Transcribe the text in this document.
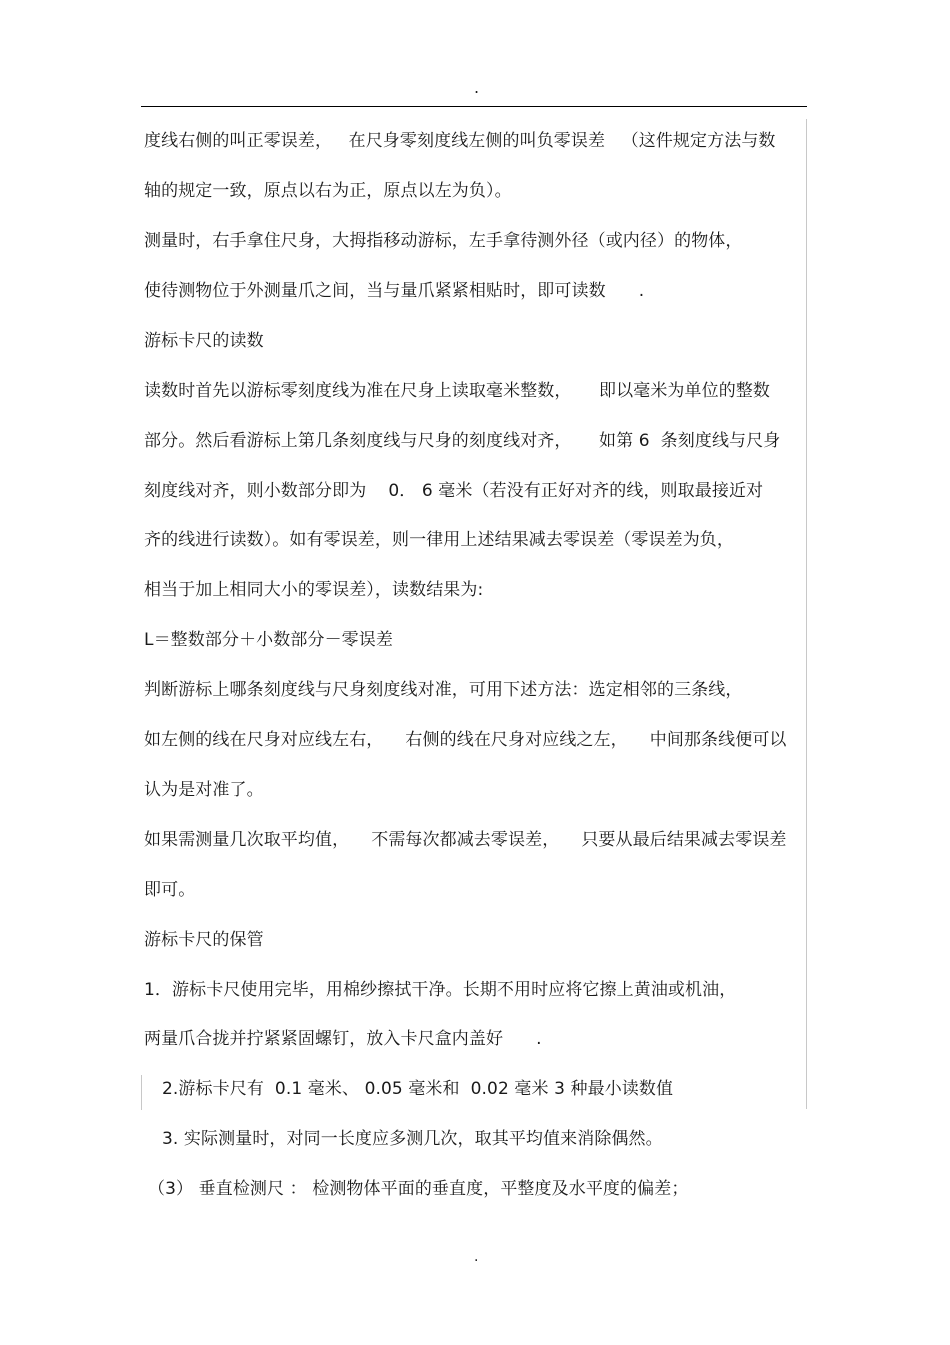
.
度线右侧的叫正零误差，   在尺身零刻度线左侧的叫负零误差   （这件规定方法与数
轴的规定一致，原点以右为正，原点以左为负）。
测量时，右手拿住尺身，大拇指移动游标，左手拿待测外径（或内径）的物体，
使待测物位于外测量爪之间，当与量爪紧紧相贴时，即可读数      .
游标卡尺的读数
读数时首先以游标零刻度线为准在尺身上读取毫米整数，     即以毫米为单位的整数
部分。然后看游标上第几条刻度线与尺身的刻度线对齐，     如第 6  条刻度线与尺身
刻度线对齐，则小数部分即为    0． 6 毫米（若没有正好对齐的线，则取最接近对
齐的线进行读数）。如有零误差，则一律用上述结果减去零误差（零误差为负，
相当于加上相同大小的零误差），读数结果为:
L＝整数部分＋小数部分－零误差
判断游标上哪条刻度线与尺身刻度线对准，可用下述方法：选定相邻的三条线，
如左侧的线在尺身对应线左右，    右侧的线在尺身对应线之左，    中间那条线便可以
认为是对准了。
如果需测量几次取平均值，    不需每次都减去零误差，    只要从最后结果减去零误差
即可。
游标卡尺的保管
1．游标卡尺使用完毕，用棉纱擦拭干净。长期不用时应将它擦上黄油或机油，
两量爪合拢并拧紧紧固螺钉，放入卡尺盒内盖好      .
2.游标卡尺有  0.1 毫米、 0.05 毫米和  0.02 毫米 3 种最小读数值
3. 实际测量时，对同一长度应多测几次，取其平均值来消除偶然。
（3） 垂直检测尺 ： 检测物体平面的垂直度，平整度及水平度的偏差；
.
